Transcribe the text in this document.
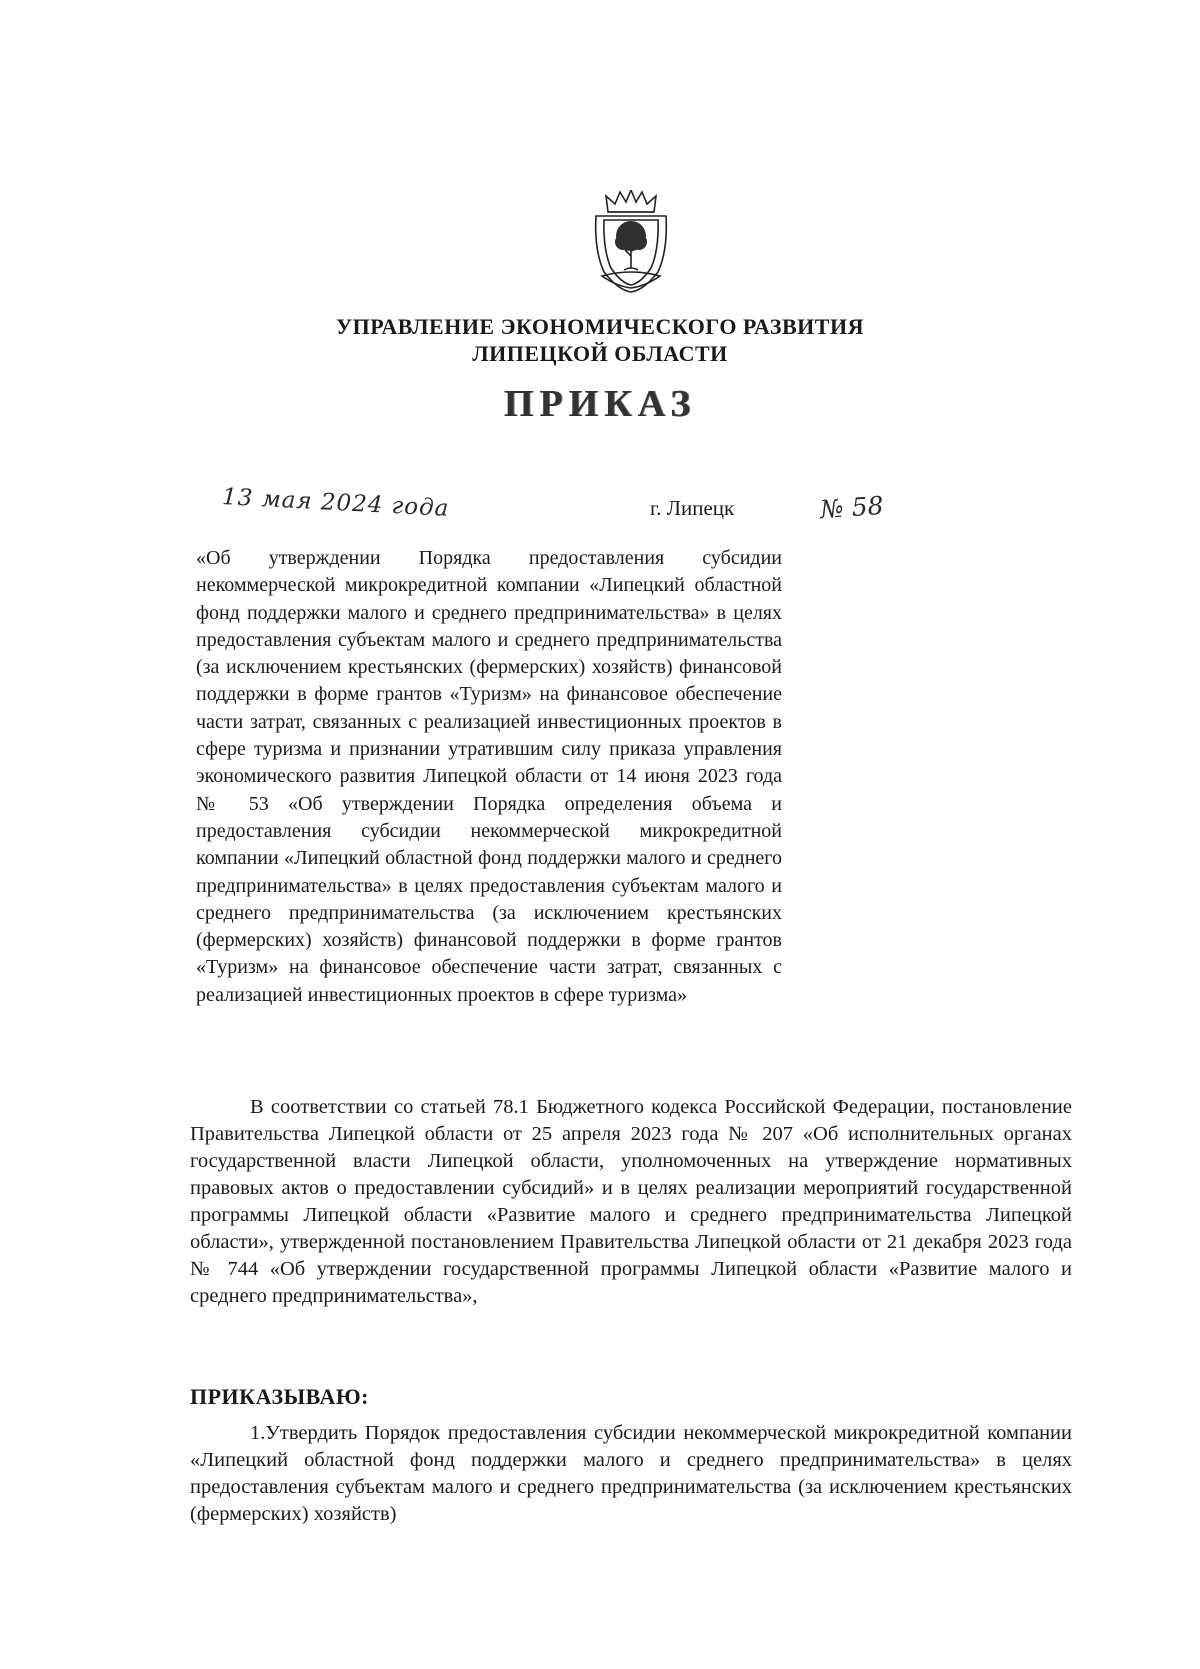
УПРАВЛЕНИЕ ЭКОНОМИЧЕСКОГО РАЗВИТИЯ
ЛИПЕЦКОЙ ОБЛАСТИ
ПРИКАЗ
13 мая 2024 года	г. Липецк	№ 58
«Об утверждении Порядка предоставления субсидии некоммерческой микрокредитной компании «Липецкий областной фонд поддержки малого и среднего предпринимательства» в целях предоставления субъектам малого и среднего предпринимательства (за исключением крестьянских (фермерских) хозяйств) финансовой поддержки в форме грантов «Туризм» на финансовое обеспечение части затрат, связанных с реализацией инвестиционных проектов в сфере туризма и признании утратившим силу приказа управления экономического развития Липецкой области от 14 июня 2023 года № 53 «Об утверждении Порядка определения объема и предоставления субсидии некоммерческой микрокредитной компании «Липецкий областной фонд поддержки малого и среднего предпринимательства» в целях предоставления субъектам малого и среднего предпринимательства (за исключением крестьянских (фермерских) хозяйств) финансовой поддержки в форме грантов «Туризм» на финансовое обеспечение части затрат, связанных с реализацией инвестиционных проектов в сфере туризма»

В соответствии со статьей 78.1 Бюджетного кодекса Российской Федерации, постановление Правительства Липецкой области от 25 апреля 2023 года № 207 «Об исполнительных органах государственной власти Липецкой области, уполномоченных на утверждение нормативных правовых актов о предоставлении субсидий» и в целях реализации мероприятий государственной программы Липецкой области «Развитие малого и среднего предпринимательства Липецкой области», утвержденной постановлением Правительства Липецкой области от 21 декабря 2023 года № 744 «Об утверждении государственной программы Липецкой области «Развитие малого и среднего предпринимательства»,

ПРИКАЗЫВАЮ:

1.Утвердить Порядок предоставления субсидии некоммерческой микрокредитной компании «Липецкий областной фонд поддержки малого и среднего предпринимательства» в целях предоставления субъектам малого и среднего предпринимательства (за исключением крестьянских (фермерских) хозяйств)
